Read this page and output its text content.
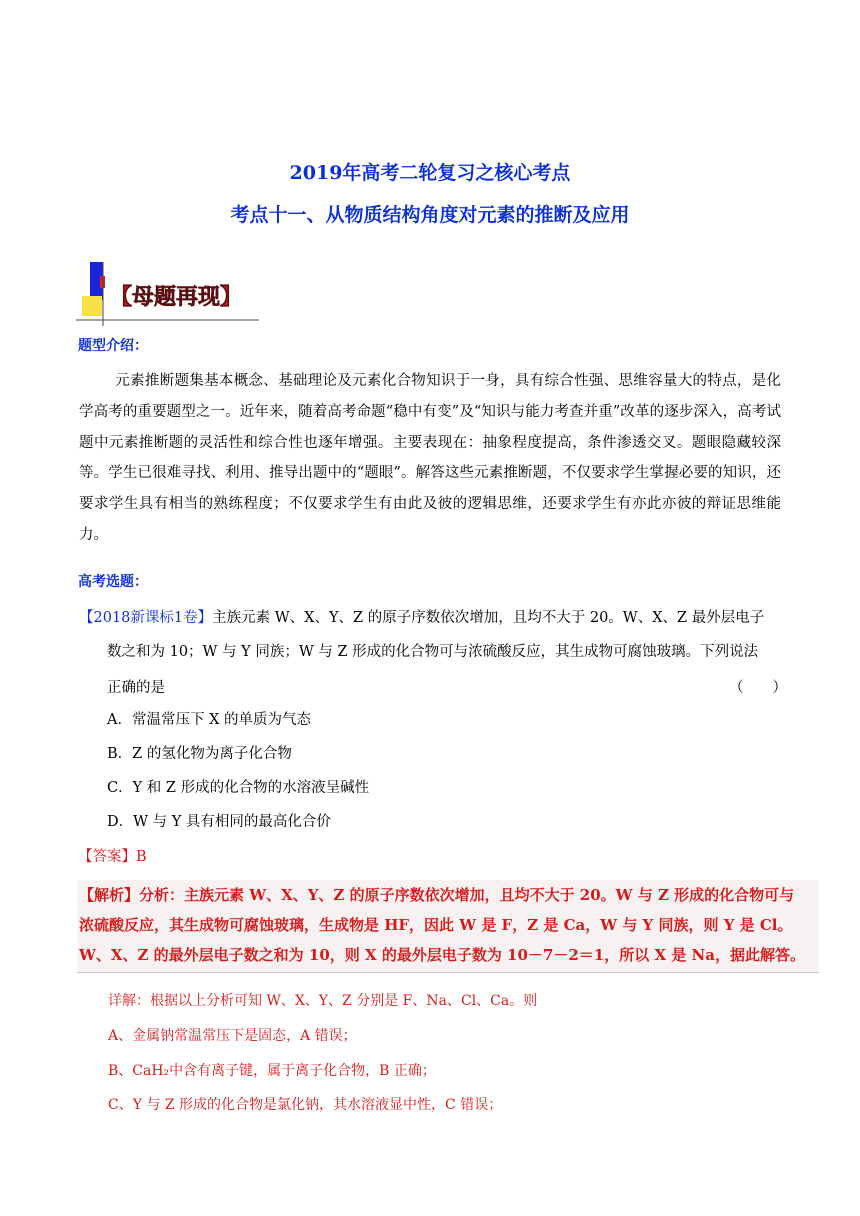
2019年高考二轮复习之核心考点
考点十一、从物质结构角度对元素的推断及应用
【母题再现】
题型介绍：
元素推断题集基本概念、基础理论及元素化合物知识于一身，具有综合性强、思维容量大的特点，是化学高考的重要题型之一。近年来，随着高考命题“稳中有变”及“知识与能力考查并重”改革的逐步深入，高考试题中元素推断题的灵活性和综合性也逐年增强。主要表现在：抽象程度提高，条件渗透交叉。题眼隐藏较深等。学生已很难寻找、利用、推导出题中的“题眼”。解答这些元素推断题，不仅要求学生掌握必要的知识，还要求学生具有相当的熟练程度；不仅要求学生有由此及彼的逻辑思维，还要求学生有亦此亦彼的辩证思维能力。
高考选题：
【2018新课标1卷】主族元素 W、X、Y、Z 的原子序数依次增加，且均不大于 20。W、X、Z 最外层电子
数之和为 10；W 与 Y 同族；W 与 Z 形成的化合物可与浓硫酸反应，其生成物可腐蚀玻璃。下列说法
正确的是	（　　）
A．常温常压下 X 的单质为气态
B．Z 的氢化物为离子化合物
C．Y 和 Z 形成的化合物的水溶液呈碱性
D．W 与 Y 具有相同的最高化合价
【答案】B
【解析】分析：主族元素 W、X、Y、Z 的原子序数依次增加，且均不大于 20。W 与 Z 形成的化合物可与
浓硫酸反应，其生成物可腐蚀玻璃，生成物是 HF，因此 W 是 F，Z 是 Ca，W 与 Y 同族，则 Y 是 Cl。
W、X、Z 的最外层电子数之和为 10，则 X 的最外层电子数为 10－7－2＝1，所以 X 是 Na，据此解答。
详解：根据以上分析可知 W、X、Y、Z 分别是 F、Na、Cl、Ca。则
A、金属钠常温常压下是固态，A 错误；
B、CaH₂中含有离子键，属于离子化合物，B 正确；
C、Y 与 Z 形成的化合物是氯化钠，其水溶液显中性，C 错误；
